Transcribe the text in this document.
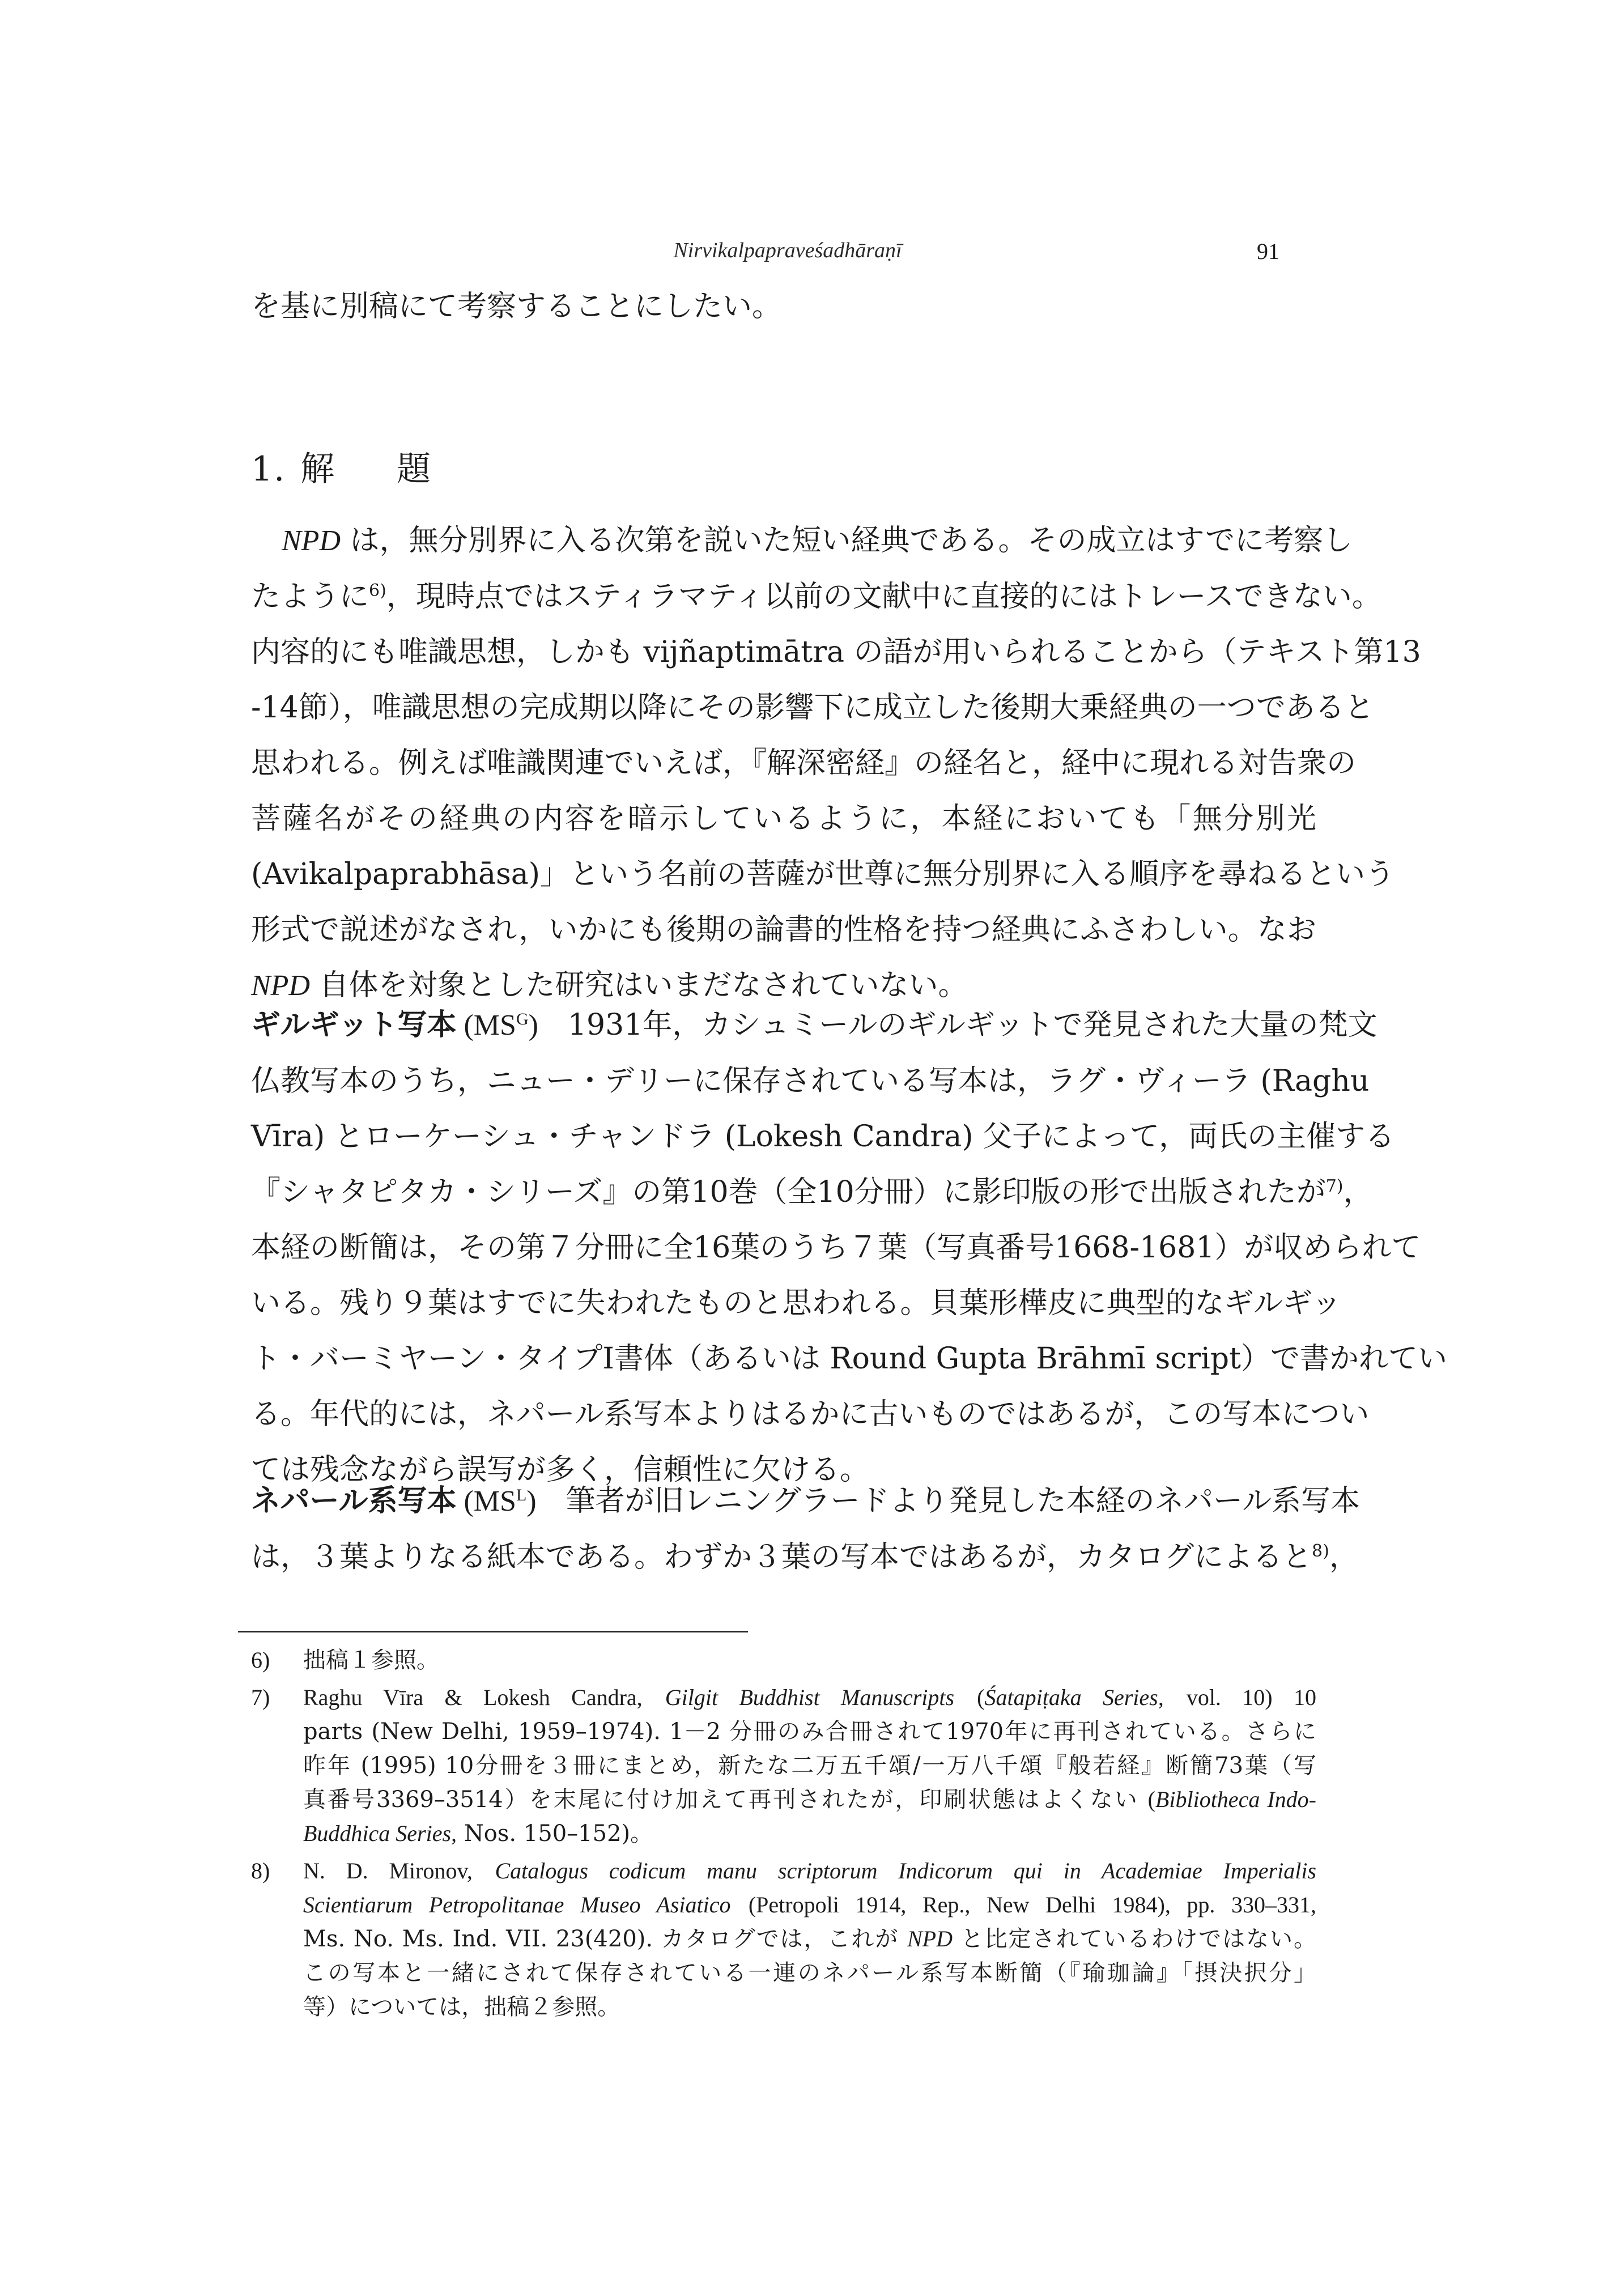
Nirvikalpapraveśadhāraṇī	91
を基に別稿にて考察することにしたい。
1. 解 題
NPD は，無分別界に入る次第を説いた短い経典である。その成立はすでに考察し
たように$^{6)}$，現時点ではスティラマティ以前の文献中に直接的にはトレースできない。
内容的にも唯識思想，しかも vijñaptimātra の語が用いられることから（テキスト第13
-14節），唯識思想の完成期以降にその影響下に成立した後期大乗経典の一つであると
思われる。例えば唯識関連でいえば，『解深密経』の経名と，経中に現れる対告衆の
菩薩名がその経典の内容を暗示しているように，本経においても「無分別光
(Avikalpaprabhāsa)」という名前の菩薩が世尊に無分別界に入る順序を尋ねるという
形式で説述がなされ，いかにも後期の論書的性格を持つ経典にふさわしい。なお
NPD 自体を対象とした研究はいまだなされていない。
ギルギット写本 $(MS^G)$　 1931年，カシュミールのギルギットで発見された大量の梵文
仏教写本のうち，ニュー・デリーに保存されている写本は，ラグ・ヴィーラ (Raghu
Vīra) とローケーシュ・チャンドラ (Lokesh Candra) 父子によって，両氏の主催する
『シャタピタカ・シリーズ』の第10巻（全10分冊）に影印版の形で出版されたが$^{7)}$，
本経の断簡は，その第７分冊に全16葉のうち７葉（写真番号1668-1681）が収められて
いる。残り９葉はすでに失われたものと思われる。貝葉形樺皮に典型的なギルギッ
ト・バーミヤーン・タイプⅠ書体（あるいは Round Gupta Brāhmī script）で書かれてい
る。年代的には，ネパール系写本よりはるかに古いものではあるが，この写本につい
ては残念ながら誤写が多く，信頼性に欠ける。
ネパール系写本 $(MS^L)$　 筆者が旧レニングラードより発見した本経のネパール系写本
は，３葉よりなる紙本である。わずか３葉の写本ではあるが，カタログによると$^{8)}$，
6) 拙稿１参照。
7) Raghu Vīra & Lokesh Candra, Gilgit Buddhist Manuscripts (Śatapiṭaka Series, vol. 10) 10
parts (New Delhi, 1959–1974). 1－2 分冊のみ合冊されて1970年に再刊されている。さらに
昨年 (1995) 10分冊を３冊にまとめ，新たな二万五千頌/一万八千頌『般若経』断簡73葉（写
真番号3369–3514）を末尾に付け加えて再刊されたが，印刷状態はよくない (Bibliotheca Indo-
Buddhica Series, Nos. 150–152)。
8) N. D. Mironov, Catalogus codicum manu scriptorum Indicorum qui in Academiae Imperialis
Scientiarum Petropolitanae Museo Asiatico (Petropoli 1914, Rep., New Delhi 1984), pp. 330–331,
Ms. No. Ms. Ind. VII. 23(420). カタログでは，これが NPD と比定されているわけではない。
この写本と一緒にされて保存されている一連のネパール系写本断簡（『瑜珈論』「摂決択分」
等）については，拙稿２参照。
